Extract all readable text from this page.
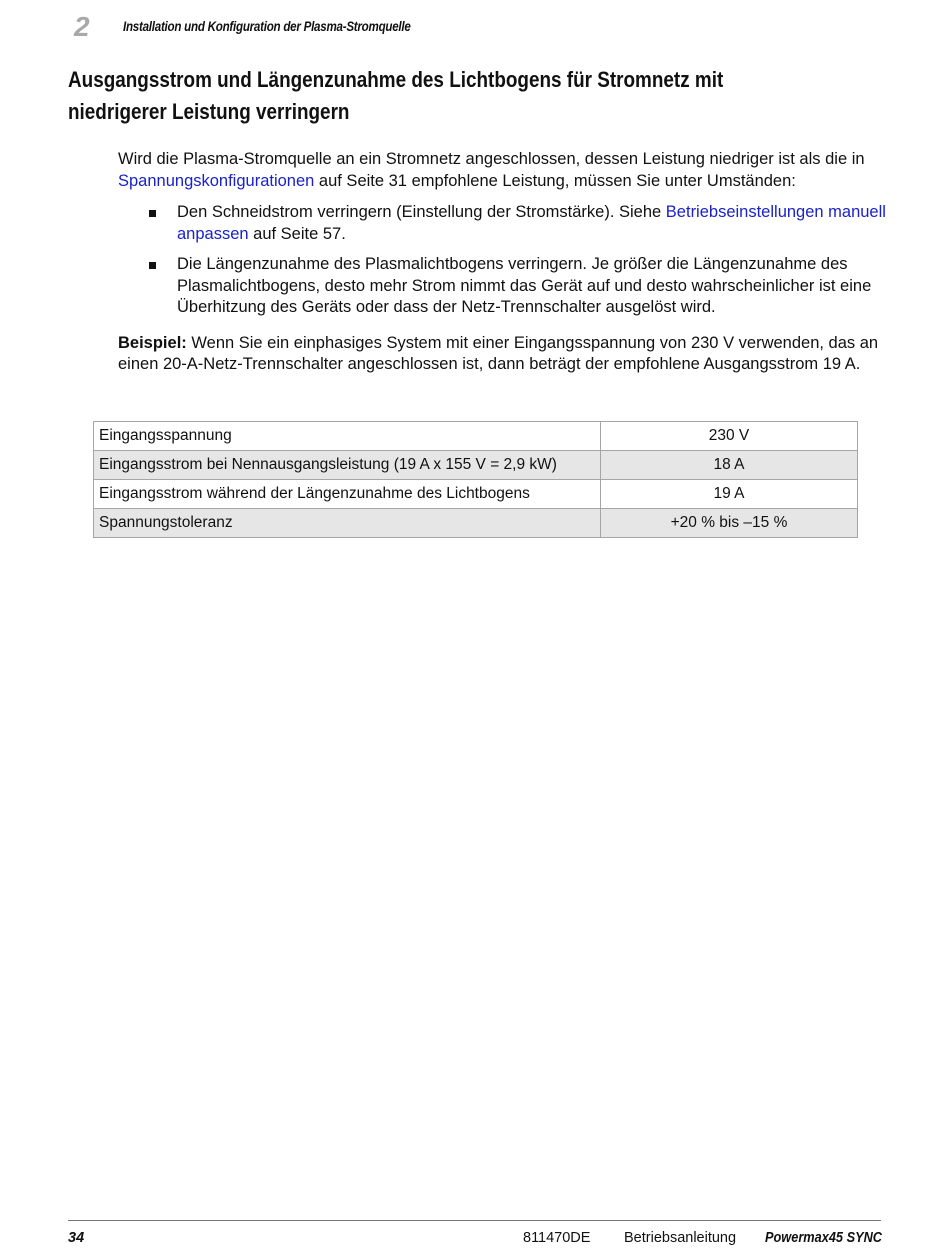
2 Installation und Konfiguration der Plasma-Stromquelle
Ausgangsstrom und Längenzunahme des Lichtbogens für Stromnetz mit niedrigerer Leistung verringern

Wird die Plasma-Stromquelle an ein Stromnetz angeschlossen, dessen Leistung niedriger ist als die in Spannungskonfigurationen auf Seite 31 empfohlene Leistung, müssen Sie unter Umständen:

Den Schneidstrom verringern (Einstellung der Stromstärke). Siehe Betriebseinstellungen manuell anpassen auf Seite 57.
Die Längenzunahme des Plasmalichtbogens verringern. Je größer die Längenzunahme des Plasmalichtbogens, desto mehr Strom nimmt das Gerät auf und desto wahrscheinlicher ist eine Überhitzung des Geräts oder dass der Netz-Trennschalter ausgelöst wird.

Beispiel: Wenn Sie ein einphasiges System mit einer Eingangsspannung von 230 V verwenden, das an einen 20-A-Netz-Trennschalter angeschlossen ist, dann beträgt der empfohlene Ausgangsstrom 19 A.

Eingangsspannung	230 V
Eingangsstrom bei Nennausgangsleistung (19 A x 155 V = 2,9 kW)	18 A
Eingangsstrom während der Längenzunahme des Lichtbogens	19 A
Spannungstoleranz	+20 % bis –15 %
34	811470DE Betriebsanleitung Powermax45 SYNC
